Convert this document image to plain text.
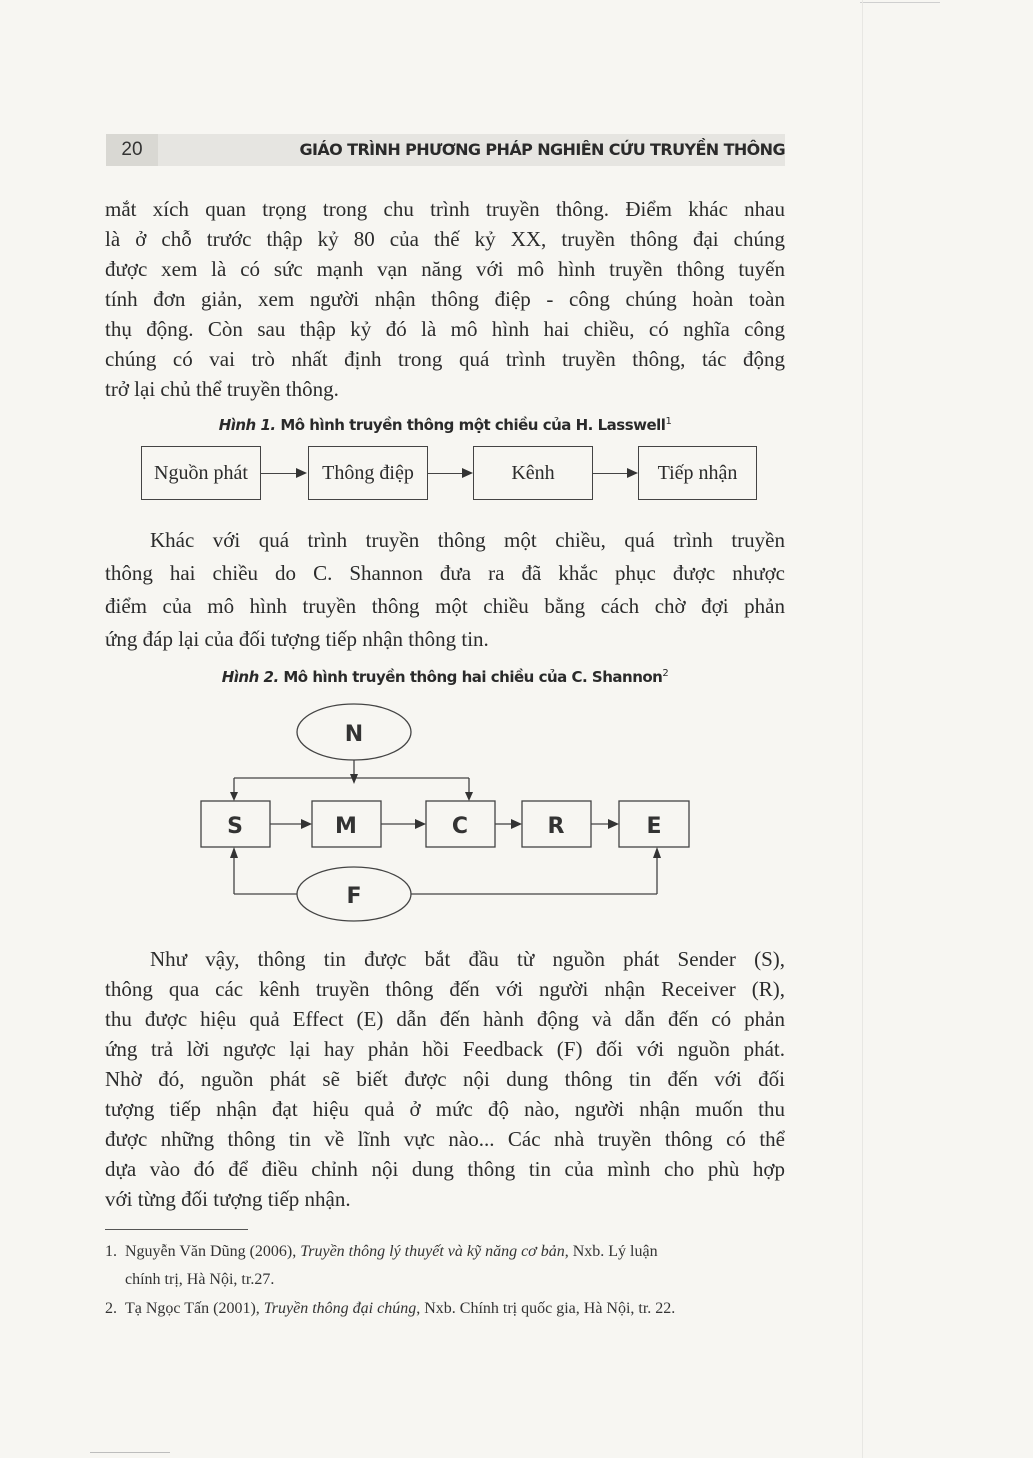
20	GIÁO TRÌNH PHƯƠNG PHÁP NGHIÊN CỨU TRUYỀN THÔNG
mắt xích quan trọng trong chu trình truyền thông. Điểm khác nhau
là ở chỗ trước thập kỷ 80 của thế kỷ XX, truyền thông đại chúng
được xem là có sức mạnh vạn năng với mô hình truyền thông tuyến
tính đơn giản, xem người nhận thông điệp - công chúng hoàn toàn
thụ động. Còn sau thập kỷ đó là mô hình hai chiều, có nghĩa công
chúng có vai trò nhất định trong quá trình truyền thông, tác động
trở lại chủ thể truyền thông.
Hình 1. Mô hình truyền thông một chiều của H. Lasswell$^1$
Nguồn phát	Thông điệp	Kênh	Tiếp nhận
Khác với quá trình truyền thông một chiều, quá trình truyền
thông hai chiều do C. Shannon đưa ra đã khắc phục được nhược
điểm của mô hình truyền thông một chiều bằng cách chờ đợi phản
ứng đáp lại của đối tượng tiếp nhận thông tin.
Hình 2. Mô hình truyền thông hai chiều của C. Shannon$^2$
N
S	M	C	R	E
F
Như vậy, thông tin được bắt đầu từ nguồn phát Sender (S),
thông qua các kênh truyền thông đến với người nhận Receiver (R),
thu được hiệu quả Effect (E) dẫn đến hành động và dẫn đến có phản
ứng trả lời ngược lại hay phản hồi Feedback (F) đối với nguồn phát.
Nhờ đó, nguồn phát sẽ biết được nội dung thông tin đến với đối
tượng tiếp nhận đạt hiệu quả ở mức độ nào, người nhận muốn thu
được những thông tin về lĩnh vực nào... Các nhà truyền thông có thể
dựa vào đó để điều chỉnh nội dung thông tin của mình cho phù hợp
với từng đối tượng tiếp nhận.
1. Nguyễn Văn Dũng (2006), Truyền thông lý thuyết và kỹ năng cơ bản, Nxb. Lý luận
chính trị, Hà Nội, tr.27.
2. Tạ Ngọc Tấn (2001), Truyền thông đại chúng, Nxb. Chính trị quốc gia, Hà Nội, tr. 22.
